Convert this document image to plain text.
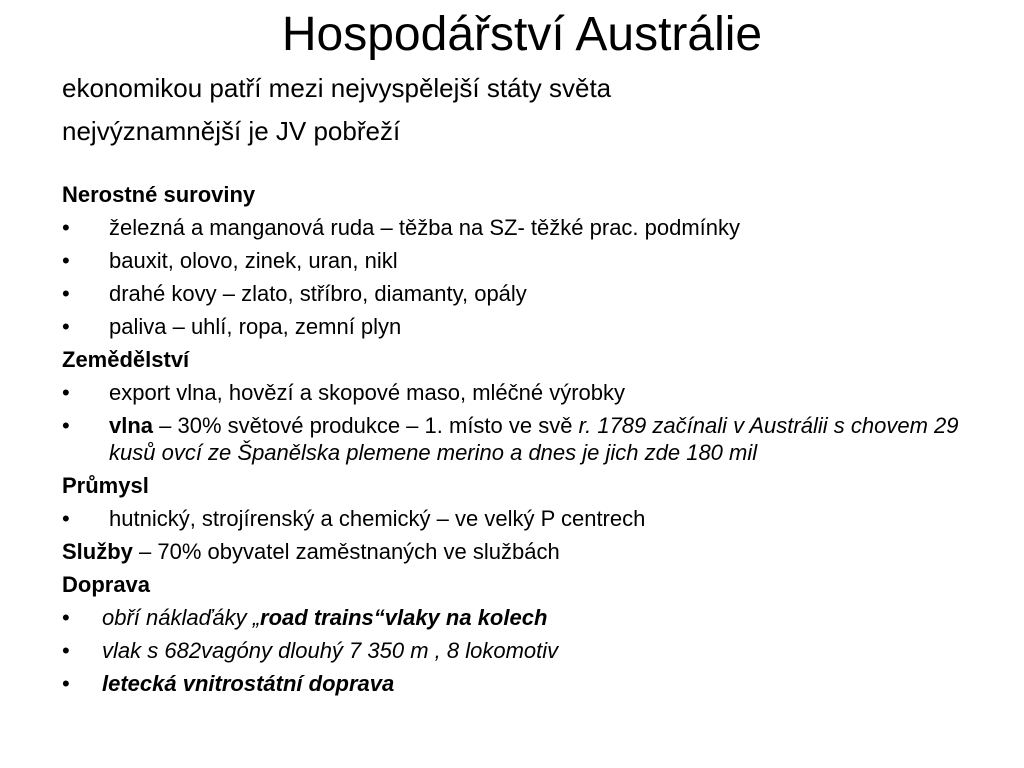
Hospodářství Austrálie

ekonomikou patří mezi nejvyspělejší státy světa

nejvýznamnější je JV pobřeží

Nerostné suroviny
• železná a manganová ruda – těžba na SZ- těžké prac. podmínky
• bauxit, olovo, zinek, uran, nikl
• drahé kovy – zlato, stříbro, diamanty, opály
• paliva – uhlí, ropa, zemní plyn
Zemědělství
• export vlna, hovězí a skopové maso, mléčné výrobky
• vlna – 30% světové produkce – 1. místo ve svě r. 1789 začínali v Austrálii s chovem 29 kusů ovcí ze Španělska plemene merino a dnes je jich zde 180 mil
Průmysl
• hutnický, strojírenský a chemický – ve velký P centrech
Služby – 70% obyvatel zaměstnaných ve službách
Doprava
• obří náklaďáky „road trains“vlaky na kolech
• vlak s 682vagóny dlouhý 7 350 m , 8 lokomotiv
• letecká vnitrostátní doprava
